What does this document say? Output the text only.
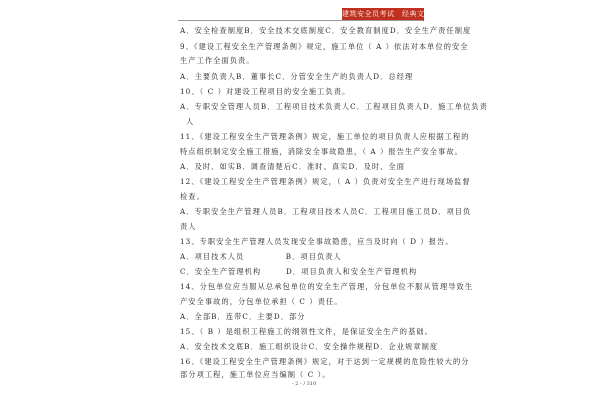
建筑安全员考试　经典文档
A．安全检查制度B．安全技术交底制度C．安全教育制度D．安全生产责任制度
9、《建设工程安全生产管理条例》规定，施工单位（ A ）依法对本单位的安全
生产工作全面负责。
A．主要负责人B．董事长C．分管安全生产的负责人D．总经理
10、（ C ）对建设工程项目的安全施工负责。
A．专职安全管理人员B．工程项目技术负责人C．工程项目负责人D．施工单位负责
人
11、《建设工程安全生产管理条例》规定，施工单位的项目负责人应根据工程的
特点组织制定安全施工措施，消除安全事故隐患，（ A ）报告生产安全事故。
A．及时、如实B．调查清楚后C．准时、真实D．及时、全面
12、《建设工程安全生产管理条例》规定，（ A ）负责对安全生产进行现场监督
检查。
A．专职安全生产管理人员B．工程项目技术人员C．工程项目施工员D．项目负
责人
13、专职安全生产管理人员发现安全事故隐患，应当及时向（ D ）报告。
A．项目技术人员　　　　　B．项目负责人
C．安全生产管理机构　　　D．项目负责人和安全生产管理机构
14、分包单位应当服从总承包单位的安全生产管理，分包单位不服从管理导致生
产安全事故的，分包单位承担（ C ）责任。
A．全部B．连带C．主要D．部分
15、（ B ）是组织工程施工的纲领性文件，是保证安全生产的基础。
A．安全技术交底B．施工组织设计C．安全操作规程D．企业规章制度
16、《建设工程安全生产管理条例》规定，对于达到一定规模的危险性较大的分
部分项工程，施工单位应当编制（ C ）。
- 2 - / 310
